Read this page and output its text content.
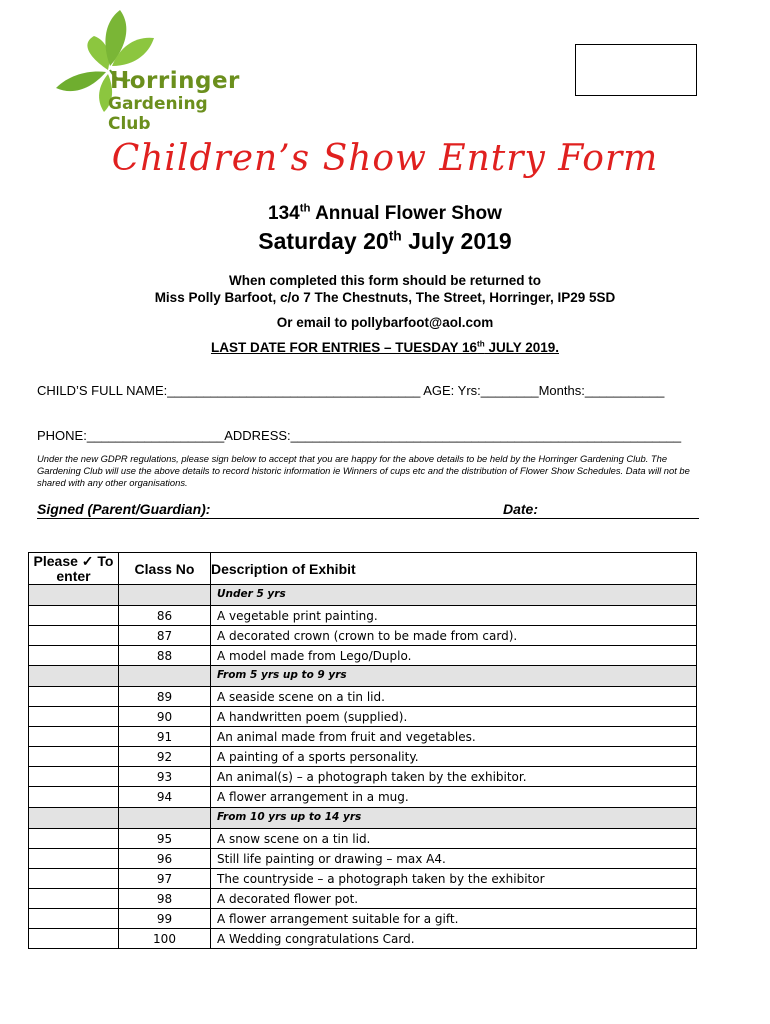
Horringer
Gardening Club
Children’s Show Entry Form
134th Annual Flower Show
Saturday 20th July 2019
When completed this form should be returned to
Miss Polly Barfoot, c/o 7 The Chestnuts, The Street, Horringer, IP29 5SD
Or email to pollybarfoot@aol.com
LAST DATE FOR ENTRIES – TUESDAY 16th JULY 2019.
CHILD’S FULL NAME:___________________________________ AGE: Yrs:________Months:___________
PHONE:___________________ADDRESS:______________________________________________________
Under the new GDPR regulations, please sign below to accept that you are happy for the above details to be held by the Horringer Gardening Club. The Gardening Club will use the above details to record historic information ie Winners of cups etc and the distribution of Flower Show Schedules. Data will not be shared with any other organisations.
Signed (Parent/Guardian):	Date:
Please ✓ To enter	Class No	Description of Exhibit
		Under 5 yrs
	86	A vegetable print painting.
	87	A decorated crown (crown to be made from card).
	88	A model made from Lego/Duplo.
		From 5 yrs up to 9 yrs
	89	A seaside scene on a tin lid.
	90	A handwritten poem (supplied).
	91	An animal made from fruit and vegetables.
	92	A painting of a sports personality.
	93	An animal(s) – a photograph taken by the exhibitor.
	94	A flower arrangement in a mug.
		From 10 yrs up to 14 yrs
	95	A snow scene on a tin lid.
	96	Still life painting or drawing – max A4.
	97	The countryside – a photograph taken by the exhibitor
	98	A decorated flower pot.
	99	A flower arrangement suitable for a gift.
	100	A Wedding congratulations Card.
